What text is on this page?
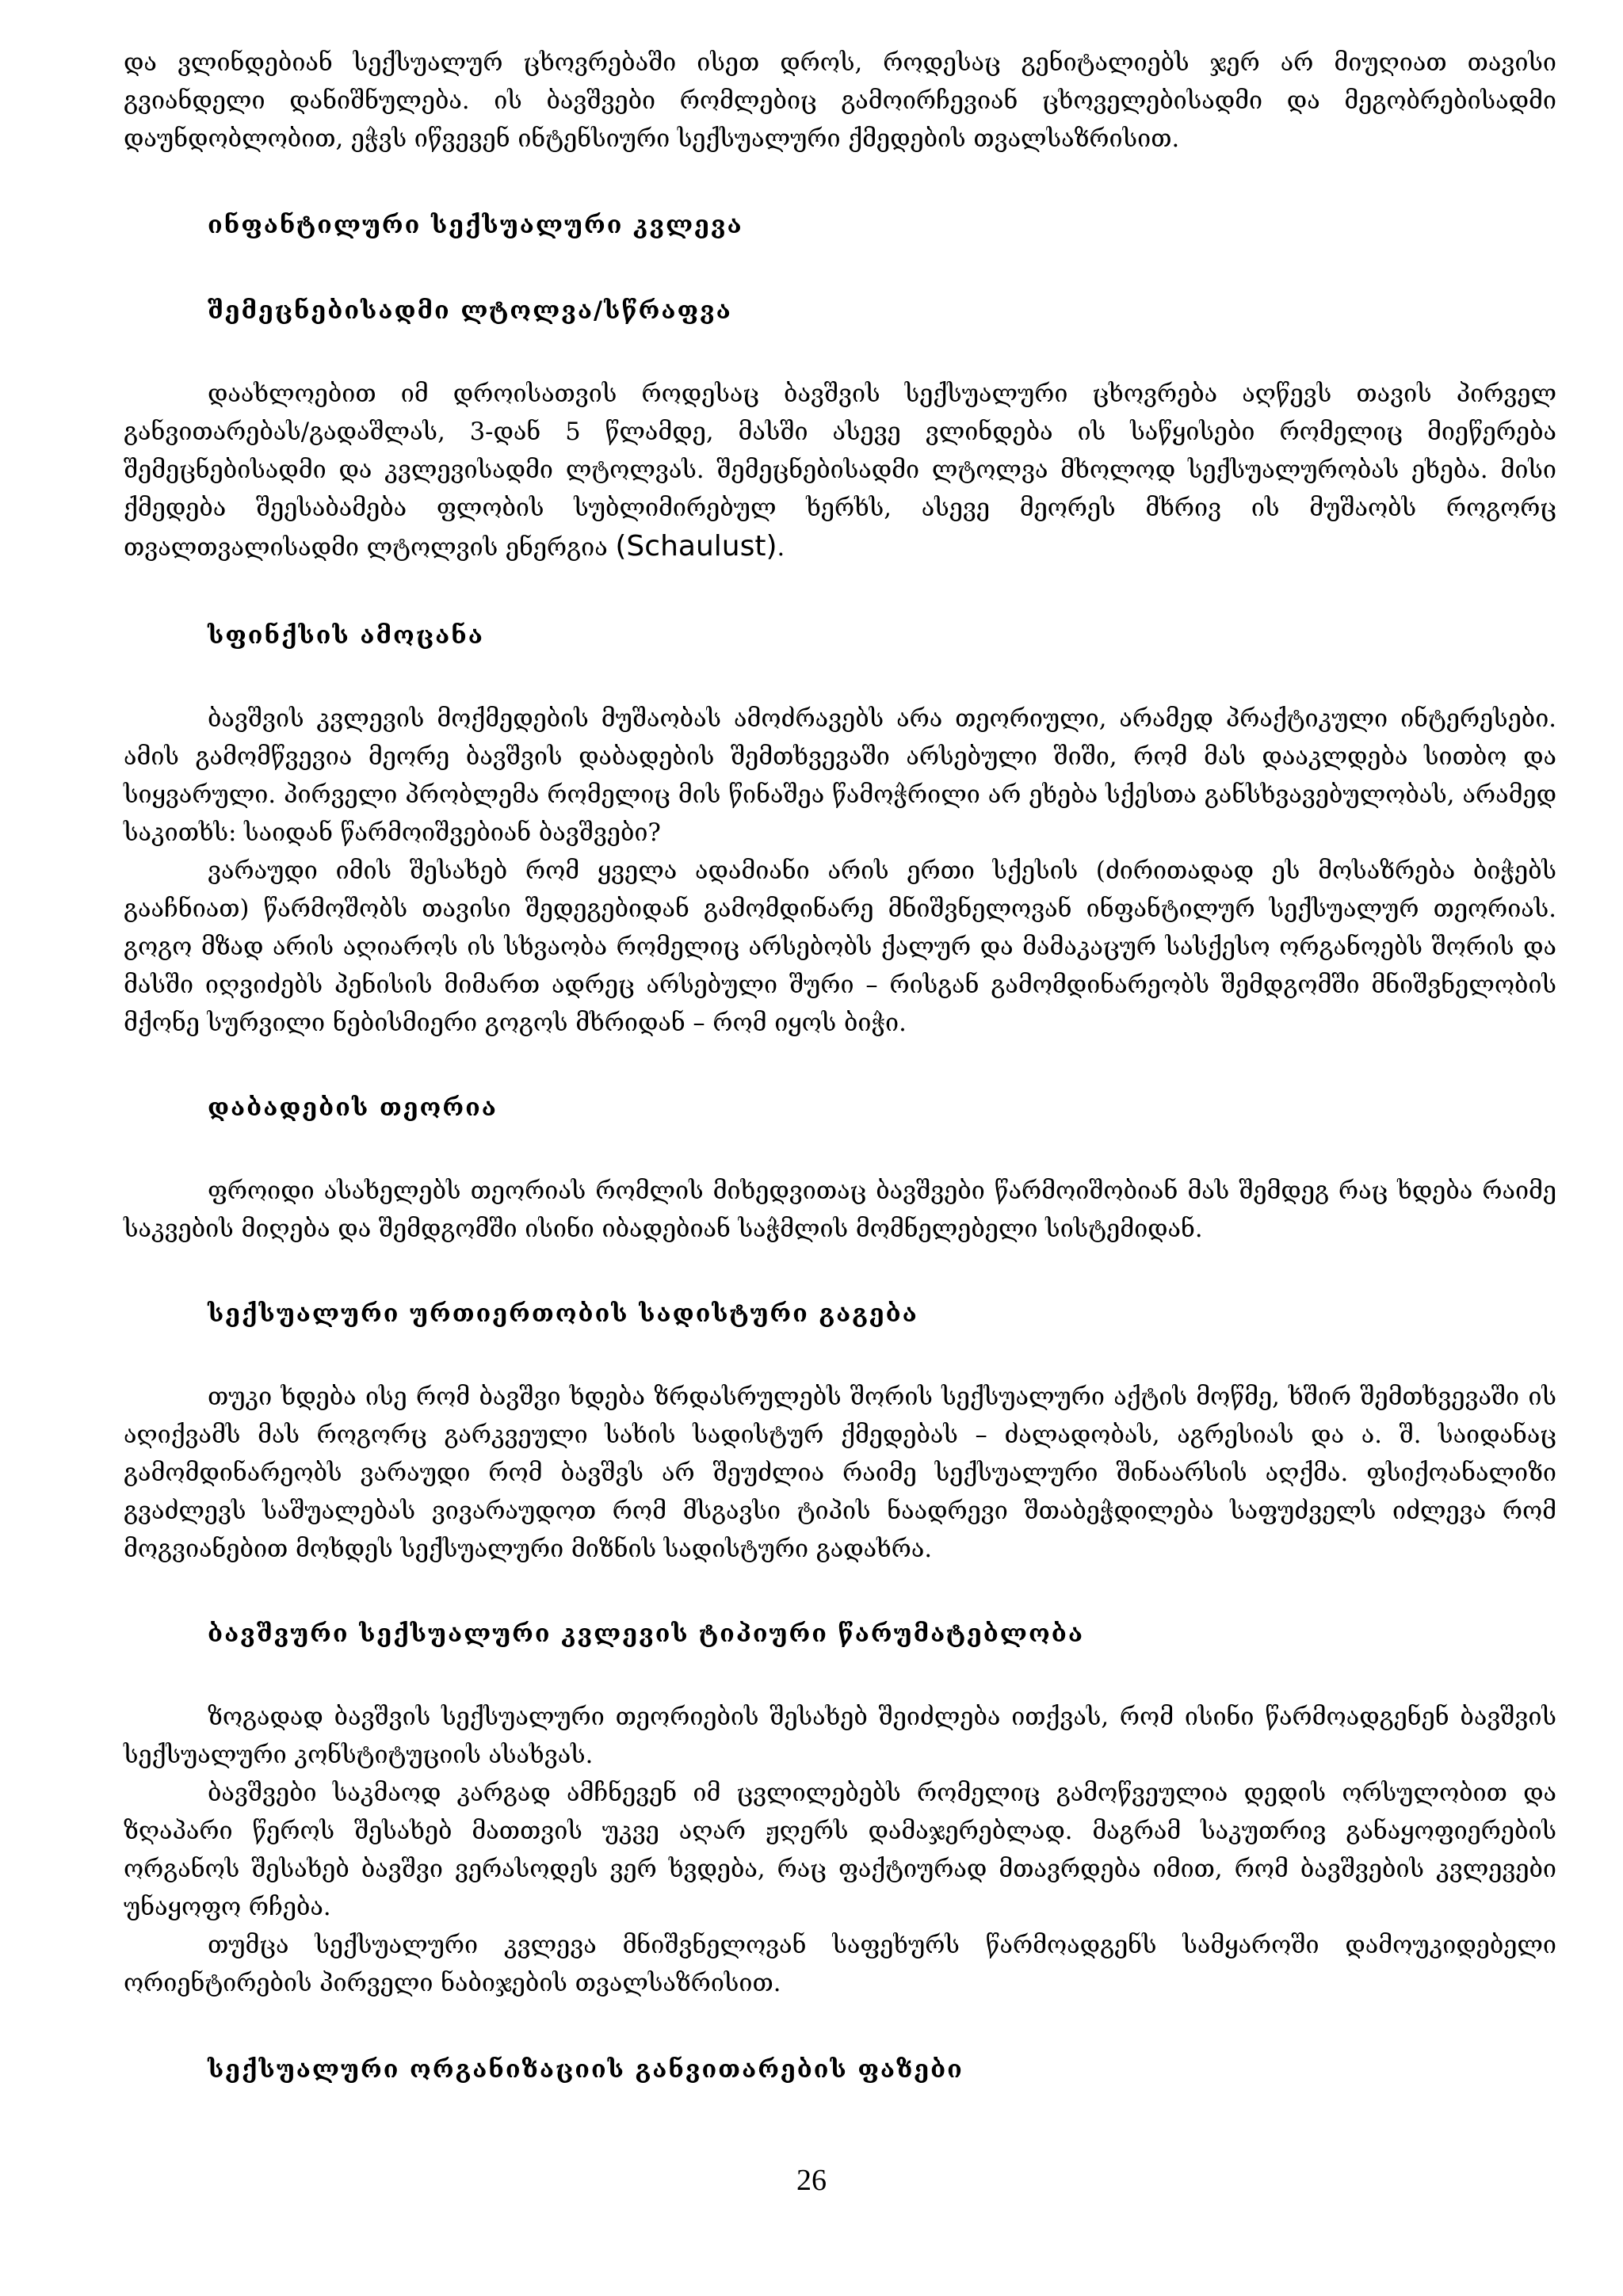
და ვლინდებიან სექსუალურ ცხოვრებაში ისეთ დროს, როდესაც გენიტალიებს ჯერ არ მიუღიათ თავისი გვიანდელი დანიშნულება. ის ბავშვები რომლებიც გამოირჩევიან ცხოველებისადმი და მეგობრებისადმი დაუნდობლობით, ეჭვს იწვევენ ინტენსიური სექსუალური ქმედების თვალსაზრისით.

ინფანტილური სექსუალური კვლევა
შემეცნებისადმი ლტოლვა/სწრაფვა

დაახლოებით იმ დროისათვის როდესაც ბავშვის სექსუალური ცხოვრება აღწევს თავის პირველ განვითარებას/გადაშლას, 3-დან 5 წლამდე, მასში ასევე ვლინდება ის საწყისები რომელიც მიეწერება შემეცნებისადმი და კვლევისადმი ლტოლვას. შემეცნებისადმი ლტოლვა მხოლოდ სექსუალურობას ეხება. მისი ქმედება შეესაბამება ფლობის სუბლიმირებულ ხერხს, ასევე მეორეს მხრივ ის მუშაობს როგორც თვალთვალისადმი ლტოლვის ენერგია (Schaulust).

სფინქსის ამოცანა

ბავშვის კვლევის მოქმედების მუშაობას ამოძრავებს არა თეორიული, არამედ პრაქტიკული ინტერესები. ამის გამომწვევია მეორე ბავშვის დაბადების შემთხვევაში არსებული შიში, რომ მას დააკლდება სითბო და სიყვარული. პირველი პრობლემა რომელიც მის წინაშეა წამოჭრილი არ ეხება სქესთა განსხვავებულობას, არამედ საკითხს: საიდან წარმოიშვებიან ბავშვები?

ვარაუდი იმის შესახებ რომ ყველა ადამიანი არის ერთი სქესის (ძირითადად ეს მოსაზრება ბიჭებს გააჩნიათ) წარმოშობს თავისი შედეგებიდან გამომდინარე მნიშვნელოვან ინფანტილურ სექსუალურ თეორიას. გოგო მზად არის აღიაროს ის სხვაობა რომელიც არსებობს ქალურ და მამაკაცურ სასქესო ორგანოებს შორის და მასში იღვიძებს პენისის მიმართ ადრეც არსებული შური – რისგან გამომდინარეობს შემდგომში მნიშვნელობის მქონე სურვილი ნებისმიერი გოგოს მხრიდან – რომ იყოს ბიჭი.

დაბადების თეორია

ფროიდი ასახელებს თეორიას რომლის მიხედვითაც ბავშვები წარმოიშობიან მას შემდეგ რაც ხდება რაიმე საკვების მიღება და შემდგომში ისინი იბადებიან საჭმლის მომნელებელი სისტემიდან.

სექსუალური ურთიერთობის სადისტური გაგება

თუკი ხდება ისე რომ ბავშვი ხდება ზრდასრულებს შორის სექსუალური აქტის მოწმე, ხშირ შემთხვევაში ის აღიქვამს მას როგორც გარკვეული სახის სადისტურ ქმედებას – ძალადობას, აგრესიას და ა. შ. საიდანაც გამომდინარეობს ვარაუდი რომ ბავშვს არ შეუძლია რაიმე სექსუალური შინაარსის აღქმა. ფსიქოანალიზი გვაძლევს საშუალებას ვივარაუდოთ რომ მსგავსი ტიპის ნაადრევი შთაბეჭდილება საფუძველს იძლევა რომ მოგვიანებით მოხდეს სექსუალური მიზნის სადისტური გადახრა.

ბავშვური სექსუალური კვლევის ტიპიური წარუმატებლობა

ზოგადად ბავშვის სექსუალური თეორიების შესახებ შეიძლება ითქვას, რომ ისინი წარმოადგენენ ბავშვის სექსუალური კონსტიტუციის ასახვას.

ბავშვები საკმაოდ კარგად ამჩნევენ იმ ცვლილებებს რომელიც გამოწვეულია დედის ორსულობით და ზღაპარი წეროს შესახებ მათთვის უკვე აღარ ჟღერს დამაჯერებლად. მაგრამ საკუთრივ განაყოფიერების ორგანოს შესახებ ბავშვი ვერასოდეს ვერ ხვდება, რაც ფაქტიურად მთავრდება იმით, რომ ბავშვების კვლევები უნაყოფო რჩება.

თუმცა სექსუალური კვლევა მნიშვნელოვან საფეხურს წარმოადგენს სამყაროში დამოუკიდებელი ორიენტირების პირველი ნაბიჯების თვალსაზრისით.

სექსუალური ორგანიზაციის განვითარების ფაზები
26
